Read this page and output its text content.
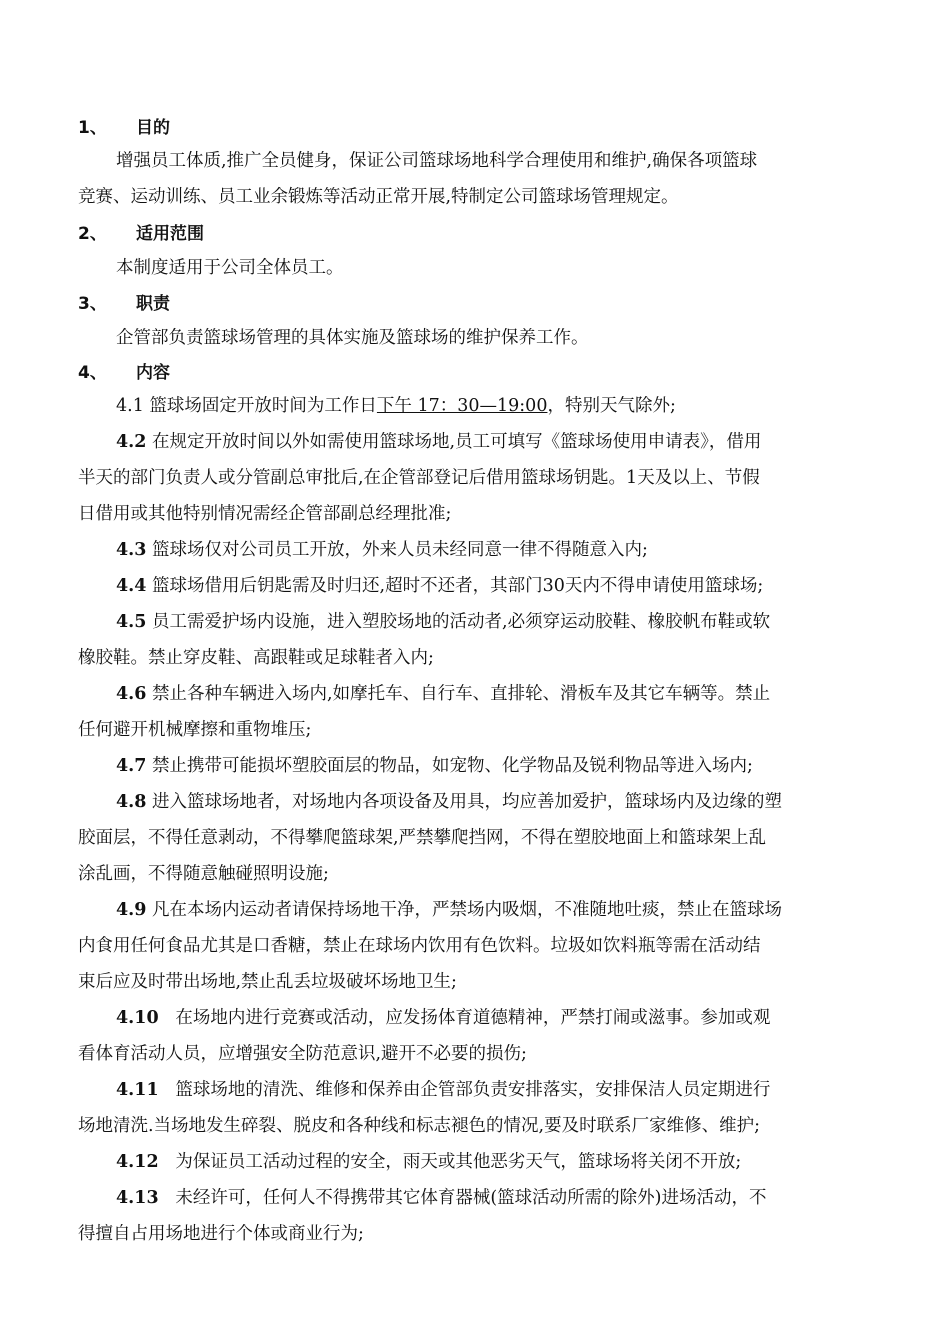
1、 目的
增强员工体质,推广全员健身，保证公司篮球场地科学合理使用和维护,确保各项篮球
竞赛、运动训练、员工业余锻炼等活动正常开展,特制定公司篮球场管理规定。
2、 适用范围
本制度适用于公司全体员工。
3、 职责
企管部负责篮球场管理的具体实施及篮球场的维护保养工作。
4、 内容
4.1 篮球场固定开放时间为工作日下午 17：30—19:00，特别天气除外;
4.2 在规定开放时间以外如需使用篮球场地,员工可填写《篮球场使用申请表》，借用
半天的部门负责人或分管副总审批后,在企管部登记后借用篮球场钥匙。1天及以上、节假
日借用或其他特别情况需经企管部副总经理批准;
4.3 篮球场仅对公司员工开放，外来人员未经同意一律不得随意入内;
4.4 篮球场借用后钥匙需及时归还,超时不还者，其部门30天内不得申请使用篮球场;
4.5 员工需爱护场内设施，进入塑胶场地的活动者,必须穿运动胶鞋、橡胶帆布鞋或软
橡胶鞋。禁止穿皮鞋、高跟鞋或足球鞋者入内;
4.6 禁止各种车辆进入场内,如摩托车、自行车、直排轮、滑板车及其它车辆等。禁止
任何避开机械摩擦和重物堆压;
4.7 禁止携带可能损坏塑胶面层的物品，如宠物、化学物品及锐利物品等进入场内;
4.8 进入篮球场地者，对场地内各项设备及用具，均应善加爱护，篮球场内及边缘的塑
胶面层，不得任意剥动，不得攀爬篮球架,严禁攀爬挡网，不得在塑胶地面上和篮球架上乱
涂乱画，不得随意触碰照明设施;
4.9 凡在本场内运动者请保持场地干净，严禁场内吸烟，不准随地吐痰，禁止在篮球场
内食用任何食品尤其是口香糖，禁止在球场内饮用有色饮料。垃圾如饮料瓶等需在活动结
束后应及时带出场地,禁止乱丢垃圾破坏场地卫生;
4.10 在场地内进行竞赛或活动，应发扬体育道德精神，严禁打闹或滋事。参加或观
看体育活动人员，应增强安全防范意识,避开不必要的损伤;
4.11 篮球场地的清洗、维修和保养由企管部负责安排落实，安排保洁人员定期进行
场地清洗.当场地发生碎裂、脱皮和各种线和标志褪色的情况,要及时联系厂家维修、维护;
4.12 为保证员工活动过程的安全，雨天或其他恶劣天气，篮球场将关闭不开放;
4.13 未经许可，任何人不得携带其它体育器械(篮球活动所需的除外)进场活动，不
得擅自占用场地进行个体或商业行为;
